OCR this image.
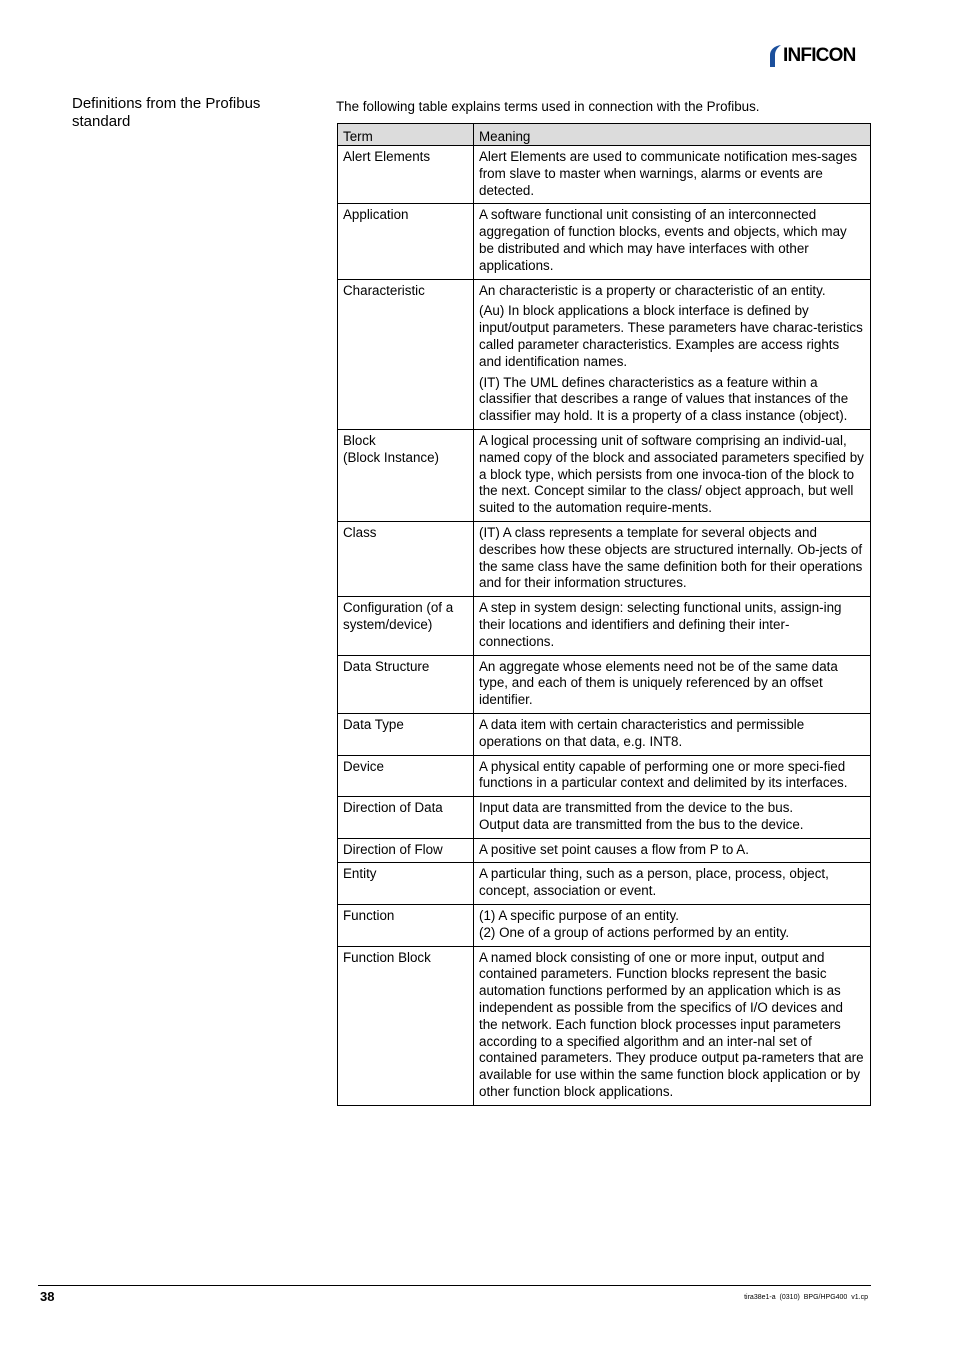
INFICON
Definitions from the Profibus standard
The following table explains terms used in connection with the Profibus.
Term	Meaning
Alert Elements	Alert Elements are used to communicate notification mes-sages from slave to master when warnings, alarms or events are detected.

Application	A software functional unit consisting of an interconnected aggregation of function blocks, events and objects, which may be distributed and which may have interfaces with other applications.

Characteristic	An characteristic is a property or characteristic of an entity.
(Au) In block applications a block interface is defined by input/output parameters. These parameters have charac-teristics called parameter characteristics. Examples are access rights and identification names.
(IT) The UML defines characteristics as a feature within a classifier that describes a range of values that instances of the classifier may hold. It is a property of a class instance (object).

Block
(Block Instance)	A logical processing unit of software comprising an individ-ual, named copy of the block and associated parameters specified by a block type, which persists from one invoca-tion of the block to the next. Concept similar to the class/ object approach, but well suited to the automation require-ments.

Class	(IT) A class represents a template for several objects and describes how these objects are structured internally. Ob-jects of the same class have the same definition both for their operations and for their information structures.

Configuration (of a system/device)	A step in system design: selecting functional units, assign-ing their locations and identifiers and defining their inter-connections.

Data Structure	An aggregate whose elements need not be of the same data type, and each of them is uniquely referenced by an offset identifier.

Data Type	A data item with certain characteristics and permissible operations on that data, e.g. INT8.

Device	A physical entity capable of performing one or more speci-fied functions in a particular context and delimited by its interfaces.

Direction of Data	Input data are transmitted from the device to the bus.
Output data are transmitted from the bus to the device.

Direction of Flow	A positive set point causes a flow from P to A.

Entity	A particular thing, such as a person, place, process, object, concept, association or event.

Function	(1) A specific purpose of an entity.
(2) One of a group of actions performed by an entity.

Function Block	A named block consisting of one or more input, output and contained parameters. Function blocks represent the basic automation functions performed by an application which is as independent as possible from the specifics of I/O devices and the network. Each function block processes input parameters according to a specified algorithm and an inter-nal set of contained parameters. They produce output pa-rameters that are available for use within the same function block application or by other function block applications.
38	tira38e1-a (0310) BPG/HPG400 v1.cp
